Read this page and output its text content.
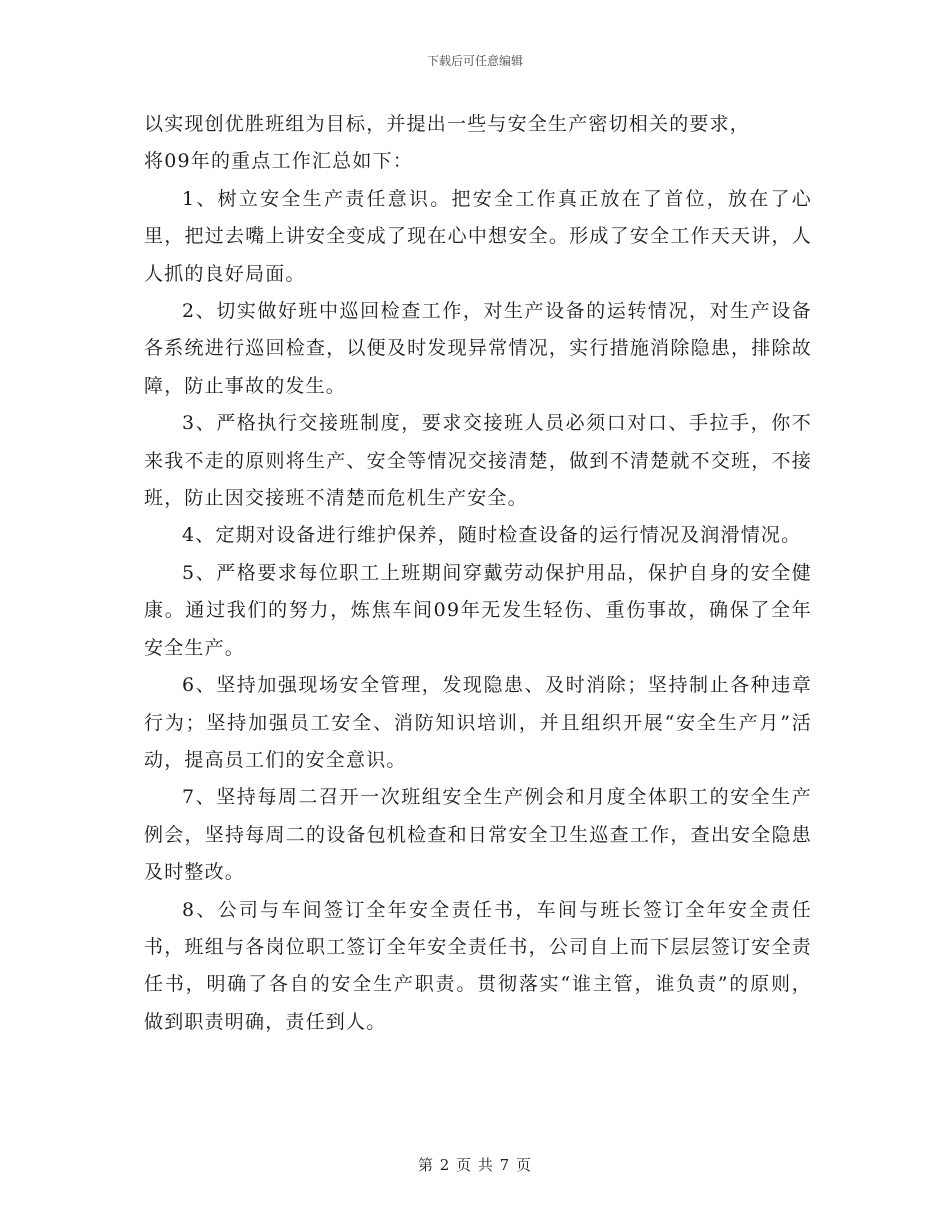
下载后可任意编辑

以实现创优胜班组为目标，并提出一些与安全生产密切相关的要求，

将09年的重点工作汇总如下：

1、树立安全生产责任意识。把安全工作真正放在了首位，放在了心里，把过去嘴上讲安全变成了现在心中想安全。形成了安全工作天天讲，人人抓的良好局面。

2、切实做好班中巡回检查工作，对生产设备的运转情况，对生产设备各系统进行巡回检查，以便及时发现异常情况，实行措施消除隐患，排除故障，防止事故的发生。

3、严格执行交接班制度，要求交接班人员必须口对口、手拉手，你不来我不走的原则将生产、安全等情况交接清楚，做到不清楚就不交班，不接班，防止因交接班不清楚而危机生产安全。

4、定期对设备进行维护保养，随时检查设备的运行情况及润滑情况。

5、严格要求每位职工上班期间穿戴劳动保护用品，保护自身的安全健康。通过我们的努力，炼焦车间09年无发生轻伤、重伤事故，确保了全年安全生产。

6、坚持加强现场安全管理，发现隐患、及时消除；坚持制止各种违章行为；坚持加强员工安全、消防知识培训，并且组织开展“安全生产月”活动，提高员工们的安全意识。

7、坚持每周二召开一次班组安全生产例会和月度全体职工的安全生产例会，坚持每周二的设备包机检查和日常安全卫生巡查工作，查出安全隐患及时整改。

8、公司与车间签订全年安全责任书，车间与班长签订全年安全责任书，班组与各岗位职工签订全年安全责任书，公司自上而下层层签订安全责任书，明确了各自的安全生产职责。贯彻落实“谁主管，谁负责”的原则，做到职责明确，责任到人。

第 2 页 共 7 页
